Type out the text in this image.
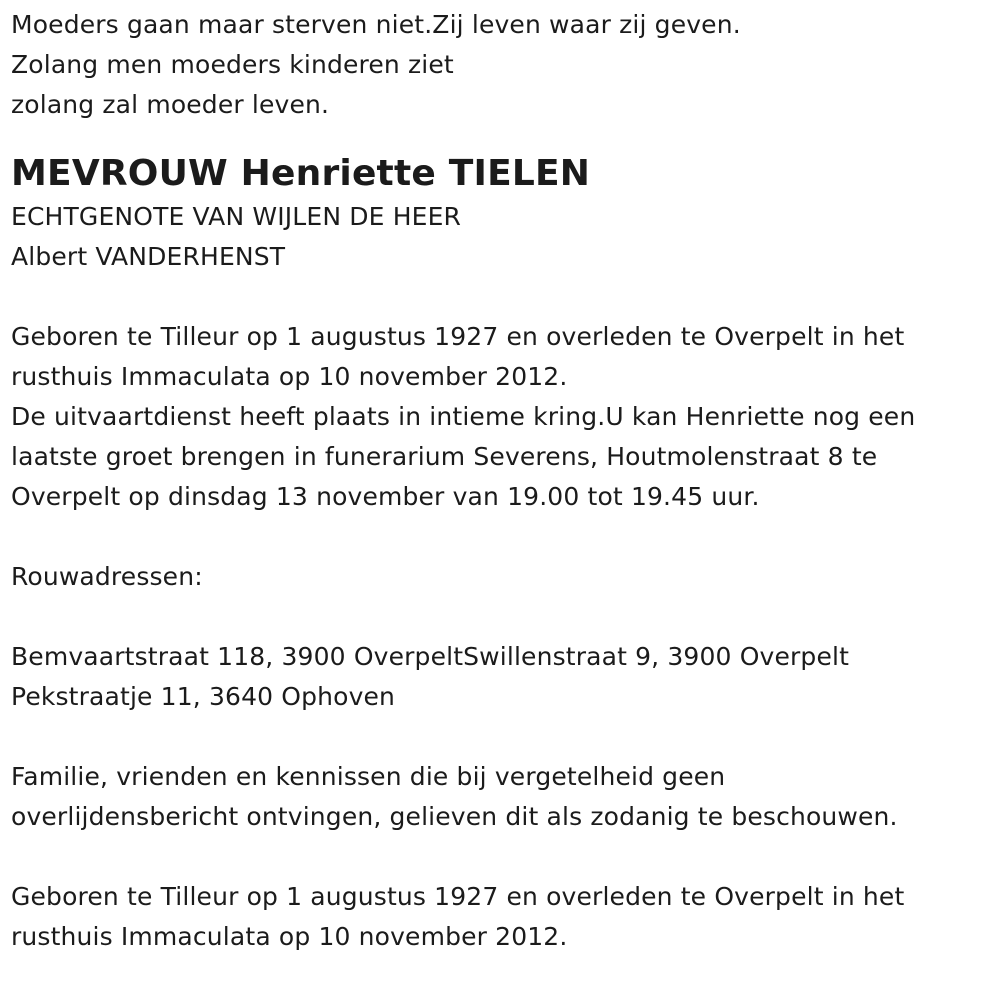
Moeders gaan maar sterven niet.Zij leven waar zij geven.
Zolang men moeders kinderen ziet
zolang zal moeder leven.
MEVROUW Henriette TIELEN
ECHTGENOTE VAN WIJLEN DE HEER
Albert VANDERHENST
Geboren te Tilleur op 1 augustus 1927 en overleden te Overpelt in het
rusthuis Immaculata op 10 november 2012.
De uitvaartdienst heeft plaats in intieme kring.U kan Henriette nog een
laatste groet brengen in funerarium Severens, Houtmolenstraat 8 te
Overpelt op dinsdag 13 november van 19.00 tot 19.45 uur.
Rouwadressen:
Bemvaartstraat 118, 3900 OverpeltSwillenstraat 9, 3900 Overpelt
Pekstraatje 11, 3640 Ophoven
Familie, vrienden en kennissen die bij vergetelheid geen
overlijdensbericht ontvingen, gelieven dit als zodanig te beschouwen.
Geboren te Tilleur op 1 augustus 1927 en overleden te Overpelt in het
rusthuis Immaculata op 10 november 2012.
